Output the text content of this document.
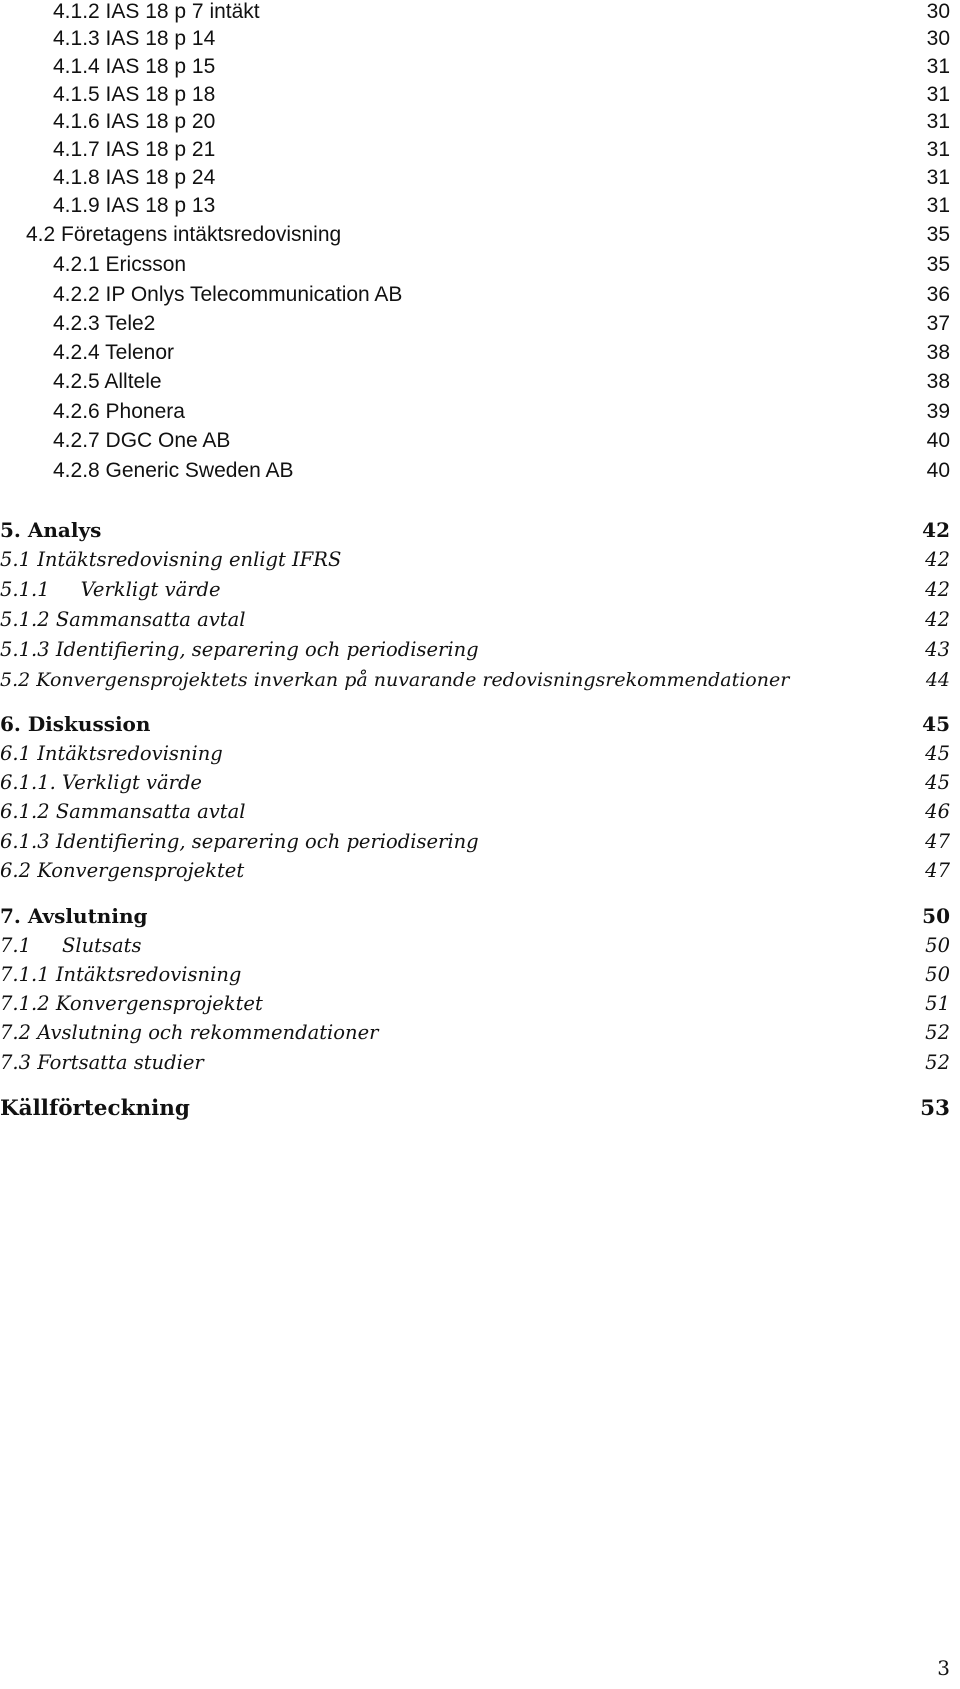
4.1.2 IAS 18 p 7 intäkt	30
4.1.3 IAS 18 p 14	30
4.1.4 IAS 18 p 15	31
4.1.5 IAS 18 p 18	31
4.1.6 IAS 18 p 20	31
4.1.7 IAS 18 p 21	31
4.1.8 IAS 18 p 24	31
4.1.9 IAS 18 p 13	31
4.2 Företagens intäktsredovisning	35
4.2.1 Ericsson	35
4.2.2 IP Onlys Telecommunication AB	36
4.2.3 Tele2	37
4.2.4 Telenor	38
4.2.5 Alltele	38
4.2.6 Phonera	39
4.2.7 DGC One AB	40
4.2.8 Generic Sweden AB	40
5. Analys	42
5.1 Intäktsredovisning enligt IFRS	42
5.1.1     Verkligt värde	42
5.1.2 Sammansatta avtal	42
5.1.3 Identifiering, separering och periodisering	43
5.2 Konvergensprojektets inverkan på nuvarande redovisningsrekommendationer	44
6. Diskussion	45
6.1 Intäktsredovisning	45
6.1.1. Verkligt värde	45
6.1.2 Sammansatta avtal	46
6.1.3 Identifiering, separering och periodisering	47
6.2 Konvergensprojektet	47
7. Avslutning	50
7.1     Slutsats	50
7.1.1 Intäktsredovisning	50
7.1.2 Konvergensprojektet	51
7.2 Avslutning och rekommendationer	52
7.3 Fortsatta studier	52
Källförteckning	53
3
